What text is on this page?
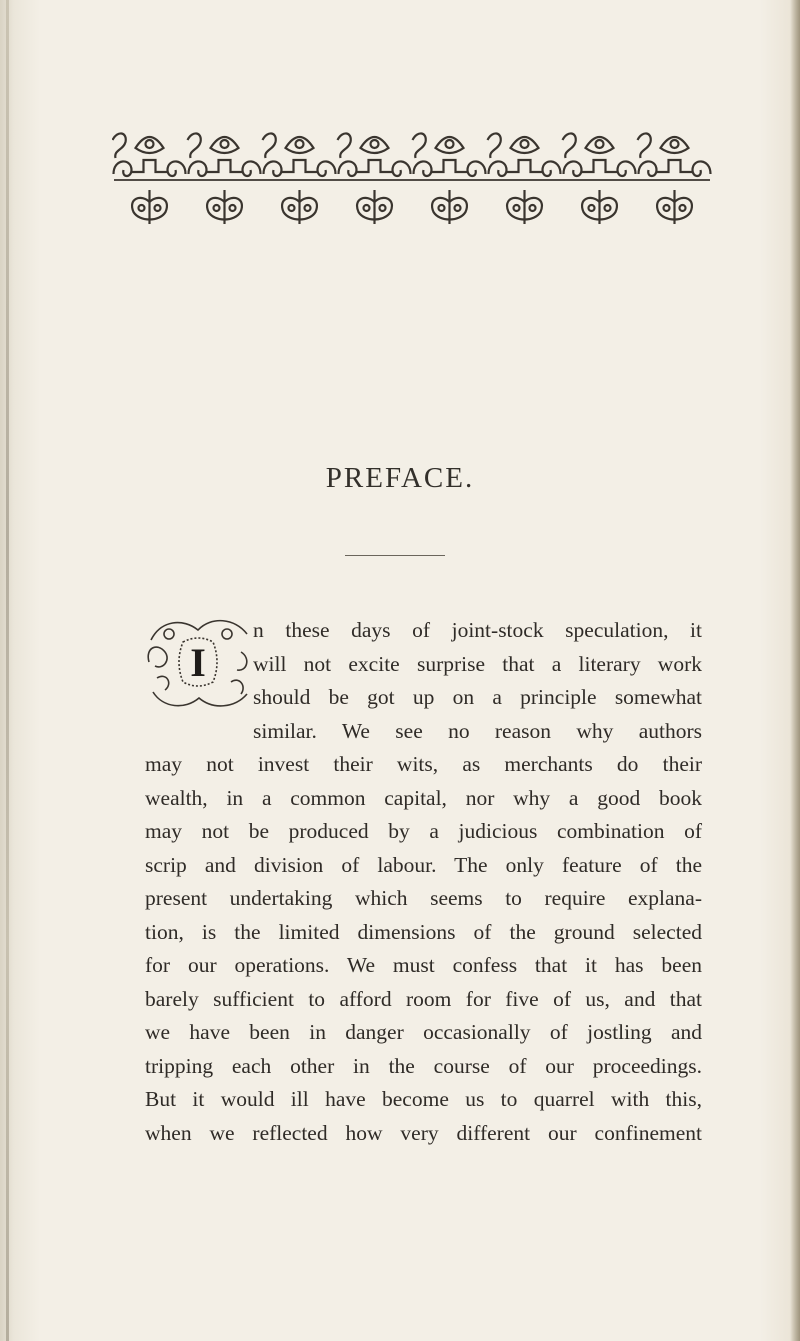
PREFACE.
I
n these days of joint-stock speculation, it
will not excite surprise that a literary work
should be got up on a principle somewhat
similar. We see no reason why authors
may not invest their wits, as merchants do their
wealth, in a common capital, nor why a good book
may not be produced by a judicious combination of
scrip and division of labour. The only feature of the
present undertaking which seems to require explana-
tion, is the limited dimensions of the ground selected
for our operations. We must confess that it has been
barely sufficient to afford room for five of us, and that
we have been in danger occasionally of jostling and
tripping each other in the course of our proceedings.
But it would ill have become us to quarrel with this,
when we reflected how very different our confinement
